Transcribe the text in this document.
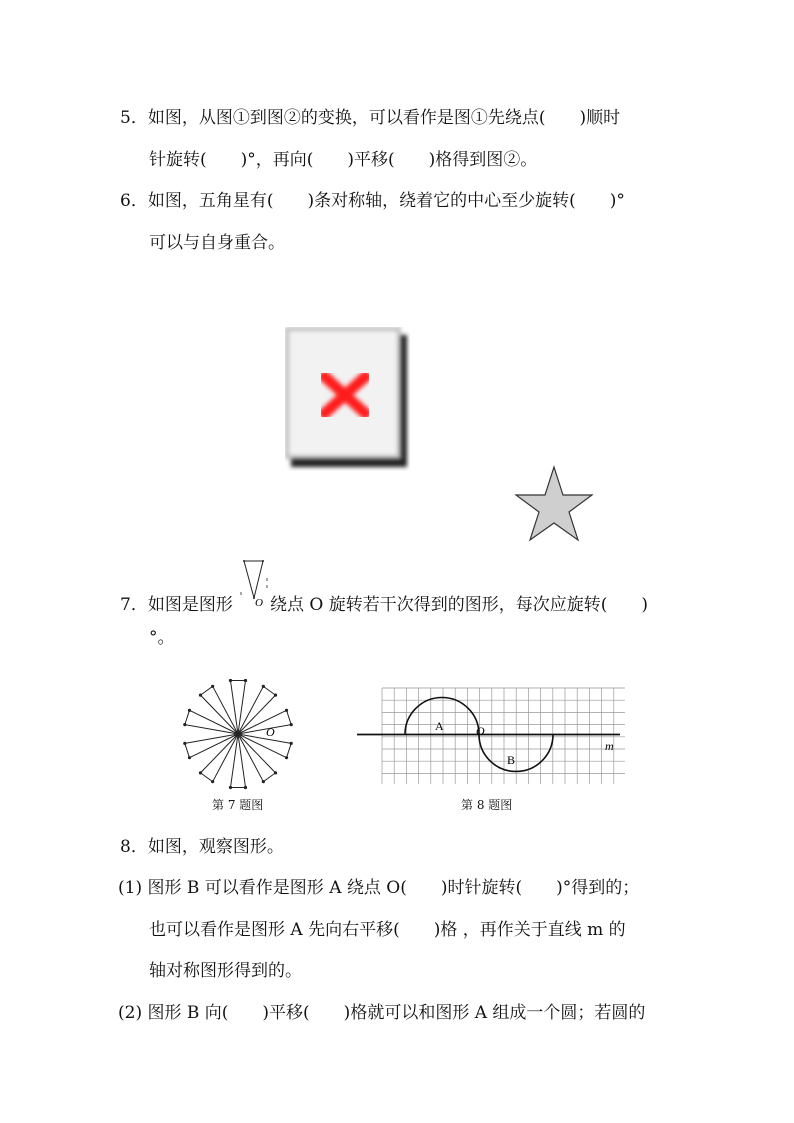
5．如图，从图①到图②的变换，可以看作是图①先绕点(　　)顺时
针旋转(　　)°，再向(　　)平移(　　)格得到图②。
6．如图，五角星有(　　)条对称轴，绕着它的中心至少旋转(　　)°
可以与自身重合。
7．如图是图形 O 绕点 O 旋转若干次得到的图形，每次应旋转(　　)
°。
O
第 7 题图
A	O
B
m
第 8 题图
8．如图，观察图形。
(1) 图形 B 可以看作是图形 A 绕点 O(　　)时针旋转(　　)°得到的；
也可以看作是图形 A 先向右平移(　　)格 ，再作关于直线 m 的
轴对称图形得到的。
(2) 图形 B 向(　　)平移(　　)格就可以和图形 A 组成一个圆；若圆的
